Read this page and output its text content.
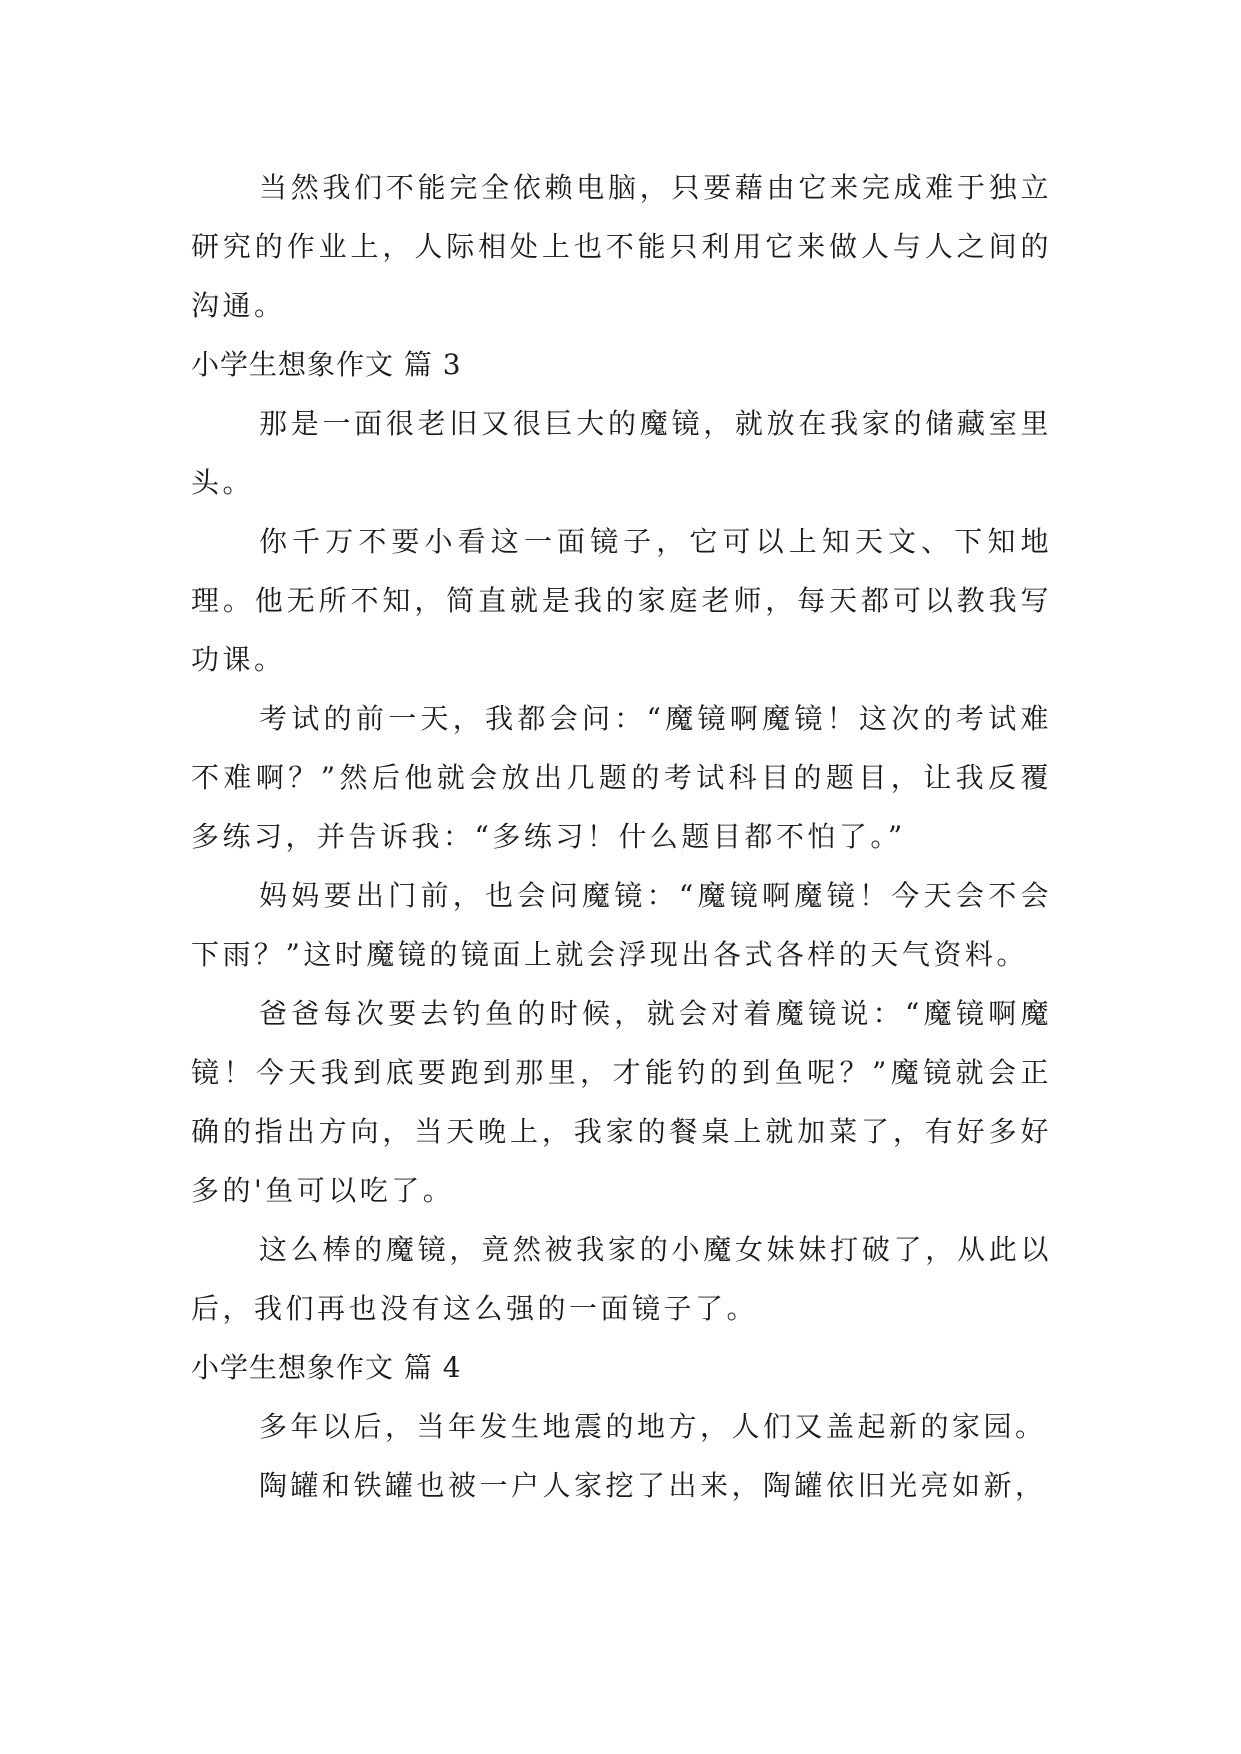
当然我们不能完全依赖电脑，只要藉由它来完成难于独立研究的作业上，人际相处上也不能只利用它来做人与人之间的沟通。

小学生想象作文 篇 3

那是一面很老旧又很巨大的魔镜，就放在我家的储藏室里头。

你千万不要小看这一面镜子，它可以上知天文、下知地理。他无所不知，简直就是我的家庭老师，每天都可以教我写功课。

考试的前一天，我都会问：“魔镜啊魔镜！这次的考试难不难啊？”然后他就会放出几题的考试科目的题目，让我反覆多练习，并告诉我：“多练习！什么题目都不怕了。”

妈妈要出门前，也会问魔镜：“魔镜啊魔镜！今天会不会下雨？”这时魔镜的镜面上就会浮现出各式各样的天气资料。

爸爸每次要去钓鱼的时候，就会对着魔镜说：“魔镜啊魔镜！今天我到底要跑到那里，才能钓的到鱼呢？”魔镜就会正确的指出方向，当天晚上，我家的餐桌上就加菜了，有好多好多的'鱼可以吃了。

这么棒的魔镜，竟然被我家的小魔女妹妹打破了，从此以后，我们再也没有这么强的一面镜子了。

小学生想象作文 篇 4

多年以后，当年发生地震的地方，人们又盖起新的家园。

陶罐和铁罐也被一户人家挖了出来，陶罐依旧光亮如新，
